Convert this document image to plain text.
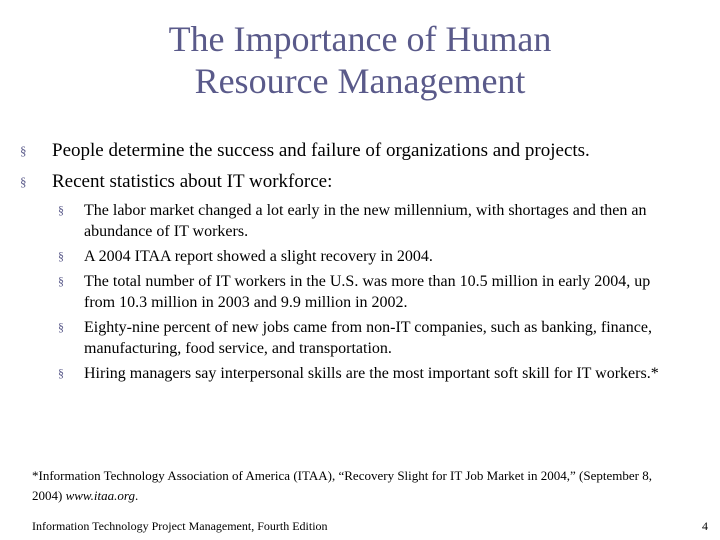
The Importance of Human
Resource Management
§ People determine the success and failure of organizations and projects.
§ Recent statistics about IT workforce:
§ The labor market changed a lot early in the new millennium, with shortages and then an abundance of IT workers.
§ A 2004 ITAA report showed a slight recovery in 2004.
§ The total number of IT workers in the U.S. was more than 10.5 million in early 2004, up from 10.3 million in 2003 and 9.9 million in 2002.
§ Eighty-nine percent of new jobs came from non-IT companies, such as banking, finance, manufacturing, food service, and transportation.
§ Hiring managers say interpersonal skills are the most important soft skill for IT workers.*
*Information Technology Association of America (ITAA), “Recovery Slight for IT Job Market in 2004,” (September 8, 2004) www.itaa.org.
Information Technology Project Management, Fourth Edition	4
